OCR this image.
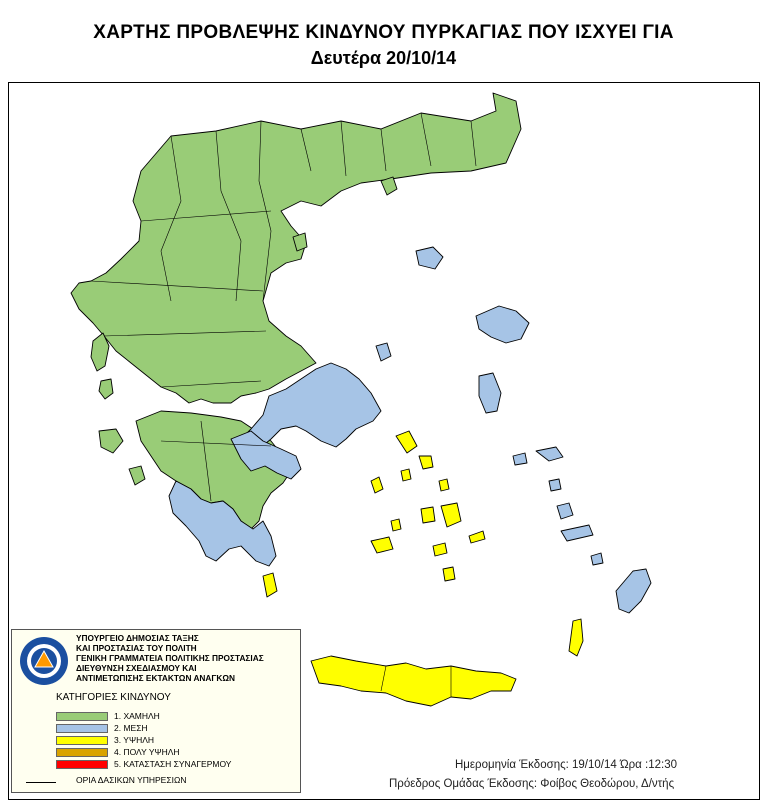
ΧΑΡΤΗΣ ΠΡΟΒΛΕΨΗΣ ΚΙΝΔΥΝΟΥ ΠΥΡΚΑΓΙΑΣ ΠΟΥ ΙΣΧΥΕΙ ΓΙΑ
Δευτέρα 20/10/14
ΥΠΟΥΡΓΕΙΟ ΔΗΜΟΣΙΑΣ ΤΑΞΗΣ
ΚΑΙ ΠΡΟΣΤΑΣΙΑΣ ΤΟΥ ΠΟΛΙΤΗ
ΓΕΝΙΚΗ ΓΡΑΜΜΑΤΕΙΑ ΠΟΛΙΤΙΚΗΣ ΠΡΟΣΤΑΣΙΑΣ
ΔΙΕΥΘΥΝΣΗ ΣΧΕΔΙΑΣΜΟΥ ΚΑΙ
ΑΝΤΙΜΕΤΩΠΙΣΗΣ ΕΚΤΑΚΤΩΝ ΑΝΑΓΚΩΝ
ΚΑΤΗΓΟΡΙΕΣ ΚΙΝΔΥΝΟΥ
1. ΧΑΜΗΛΗ
2. ΜΕΣΗ
3. ΥΨΗΛΗ
4. ΠΟΛΥ ΥΨΗΛΗ
5. ΚΑΤΑΣΤΑΣΗ ΣΥΝΑΓΕΡΜΟΥ
ΟΡΙΑ ΔΑΣΙΚΩΝ ΥΠΗΡΕΣΙΩΝ
Ημερομηνία Έκδοσης: 19/10/14 Ώρα :12:30
Πρόεδρος Ομάδας Έκδοσης: Φοίβος Θεοδώρου, Δ/ντής
